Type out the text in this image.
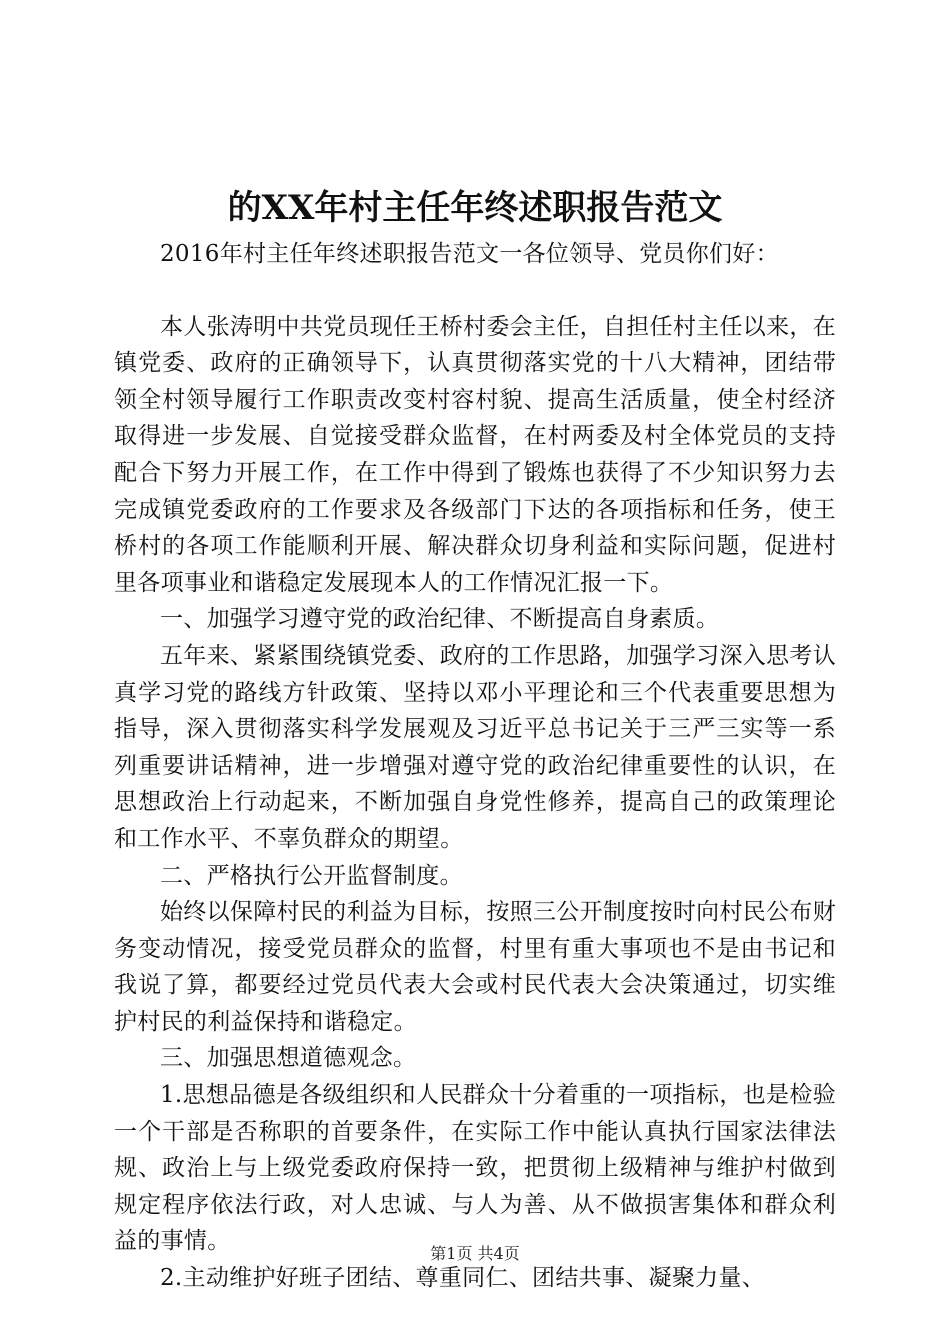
的XX年村主任年终述职报告范文

2016年村主任年终述职报告范文一各位领导、党员你们好：

本人张涛明中共党员现任王桥村委会主任，自担任村主任以来，在镇党委、政府的正确领导下，认真贯彻落实党的十八大精神，团结带领全村领导履行工作职责改变村容村貌、提高生活质量，使全村经济取得进一步发展、自觉接受群众监督，在村两委及村全体党员的支持配合下努力开展工作，在工作中得到了锻炼也获得了不少知识努力去完成镇党委政府的工作要求及各级部门下达的各项指标和任务，使王桥村的各项工作能顺利开展、解决群众切身利益和实际问题，促进村里各项事业和谐稳定发展现本人的工作情况汇报一下。

一、加强学习遵守党的政治纪律、不断提高自身素质。

五年来、紧紧围绕镇党委、政府的工作思路，加强学习深入思考认真学习党的路线方针政策、坚持以邓小平理论和三个代表重要思想为指导，深入贯彻落实科学发展观及习近平总书记关于三严三实等一系列重要讲话精神，进一步增强对遵守党的政治纪律重要性的认识，在思想政治上行动起来，不断加强自身党性修养，提高自己的政策理论和工作水平、不辜负群众的期望。

二、严格执行公开监督制度。

始终以保障村民的利益为目标，按照三公开制度按时向村民公布财务变动情况，接受党员群众的监督，村里有重大事项也不是由书记和我说了算，都要经过党员代表大会或村民代表大会决策通过，切实维护村民的利益保持和谐稳定。

三、加强思想道德观念。

1.思想品德是各级组织和人民群众十分着重的一项指标，也是检验一个干部是否称职的首要条件，在实际工作中能认真执行国家法律法规、政治上与上级党委政府保持一致，把贯彻上级精神与维护村做到规定程序依法行政，对人忠诚、与人为善、从不做损害集体和群众利益的事情。

2.主动维护好班子团结、尊重同仁、团结共事、凝聚力量、

第1页 共4页
